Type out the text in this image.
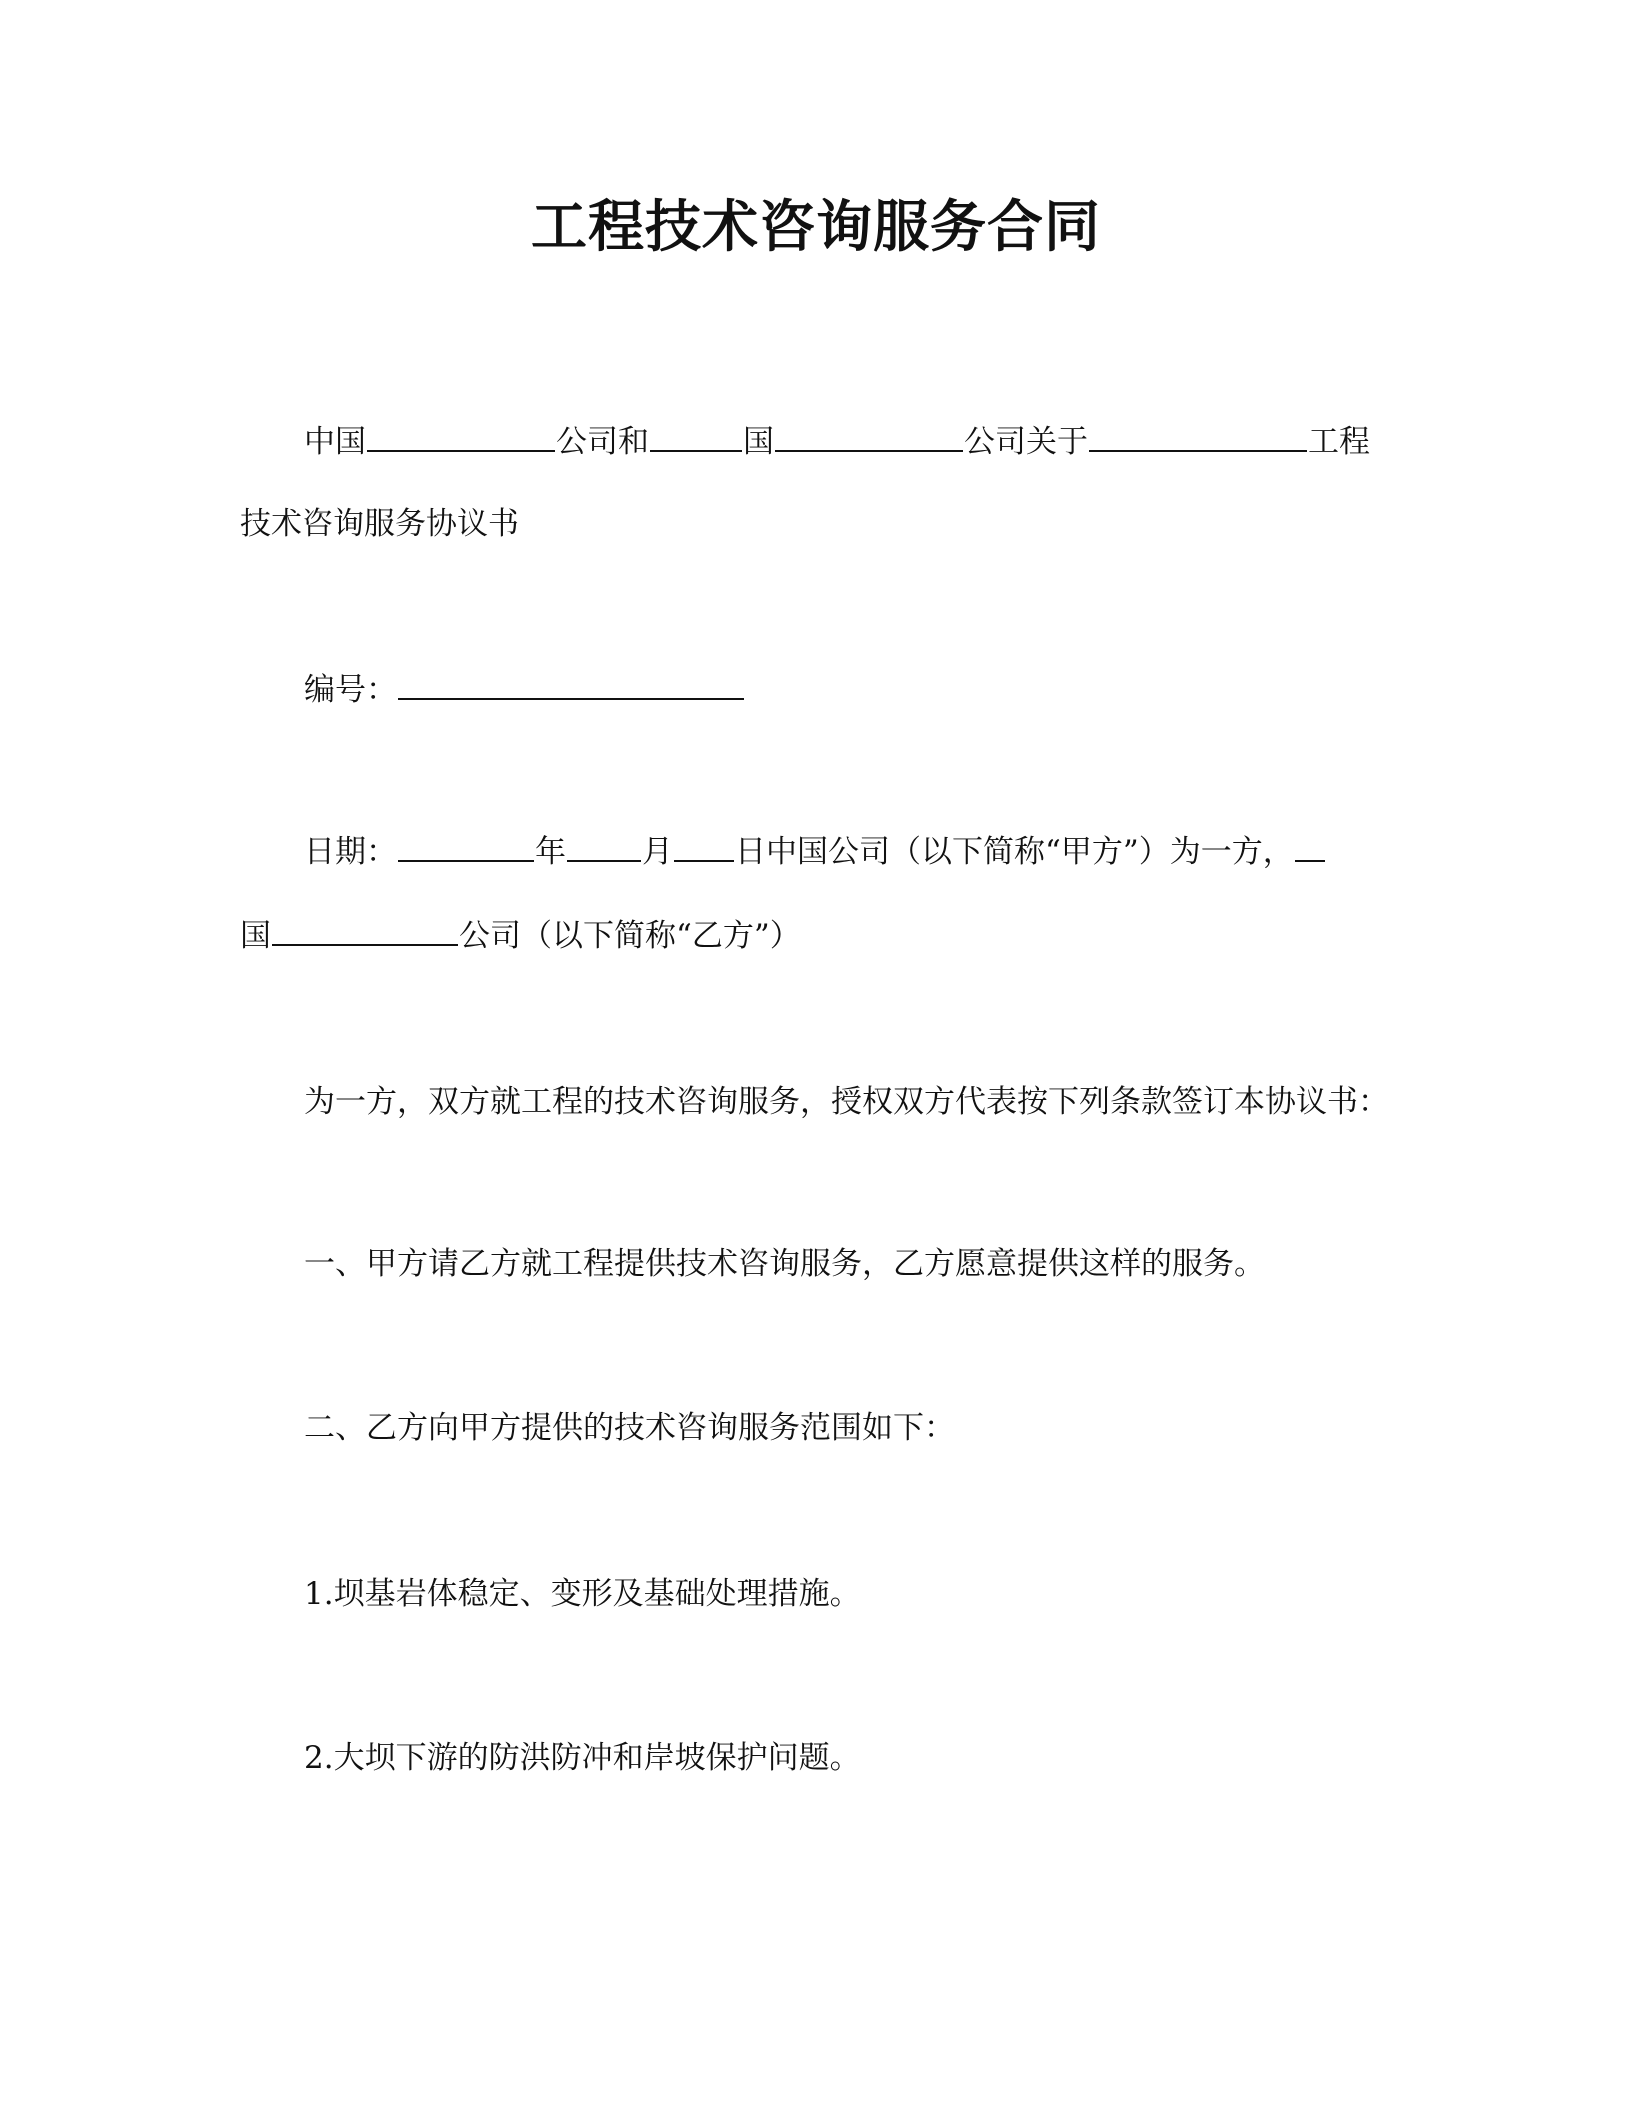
工程技术咨询服务合同
中国	公司和	国	公司关于	工程
技术咨询服务协议书
编号：
日期：	年 月 日中国公司（以下简称“甲方”）为一方，
国	公司（以下简称“乙方”）
为一方，双方就工程的技术咨询服务，授权双方代表按下列条款签订本协议书：
一、甲方请乙方就工程提供技术咨询服务，乙方愿意提供这样的服务。
二、乙方向甲方提供的技术咨询服务范围如下：
1.坝基岩体稳定、变形及基础处理措施。
2.大坝下游的防洪防冲和岸坡保护问题。
